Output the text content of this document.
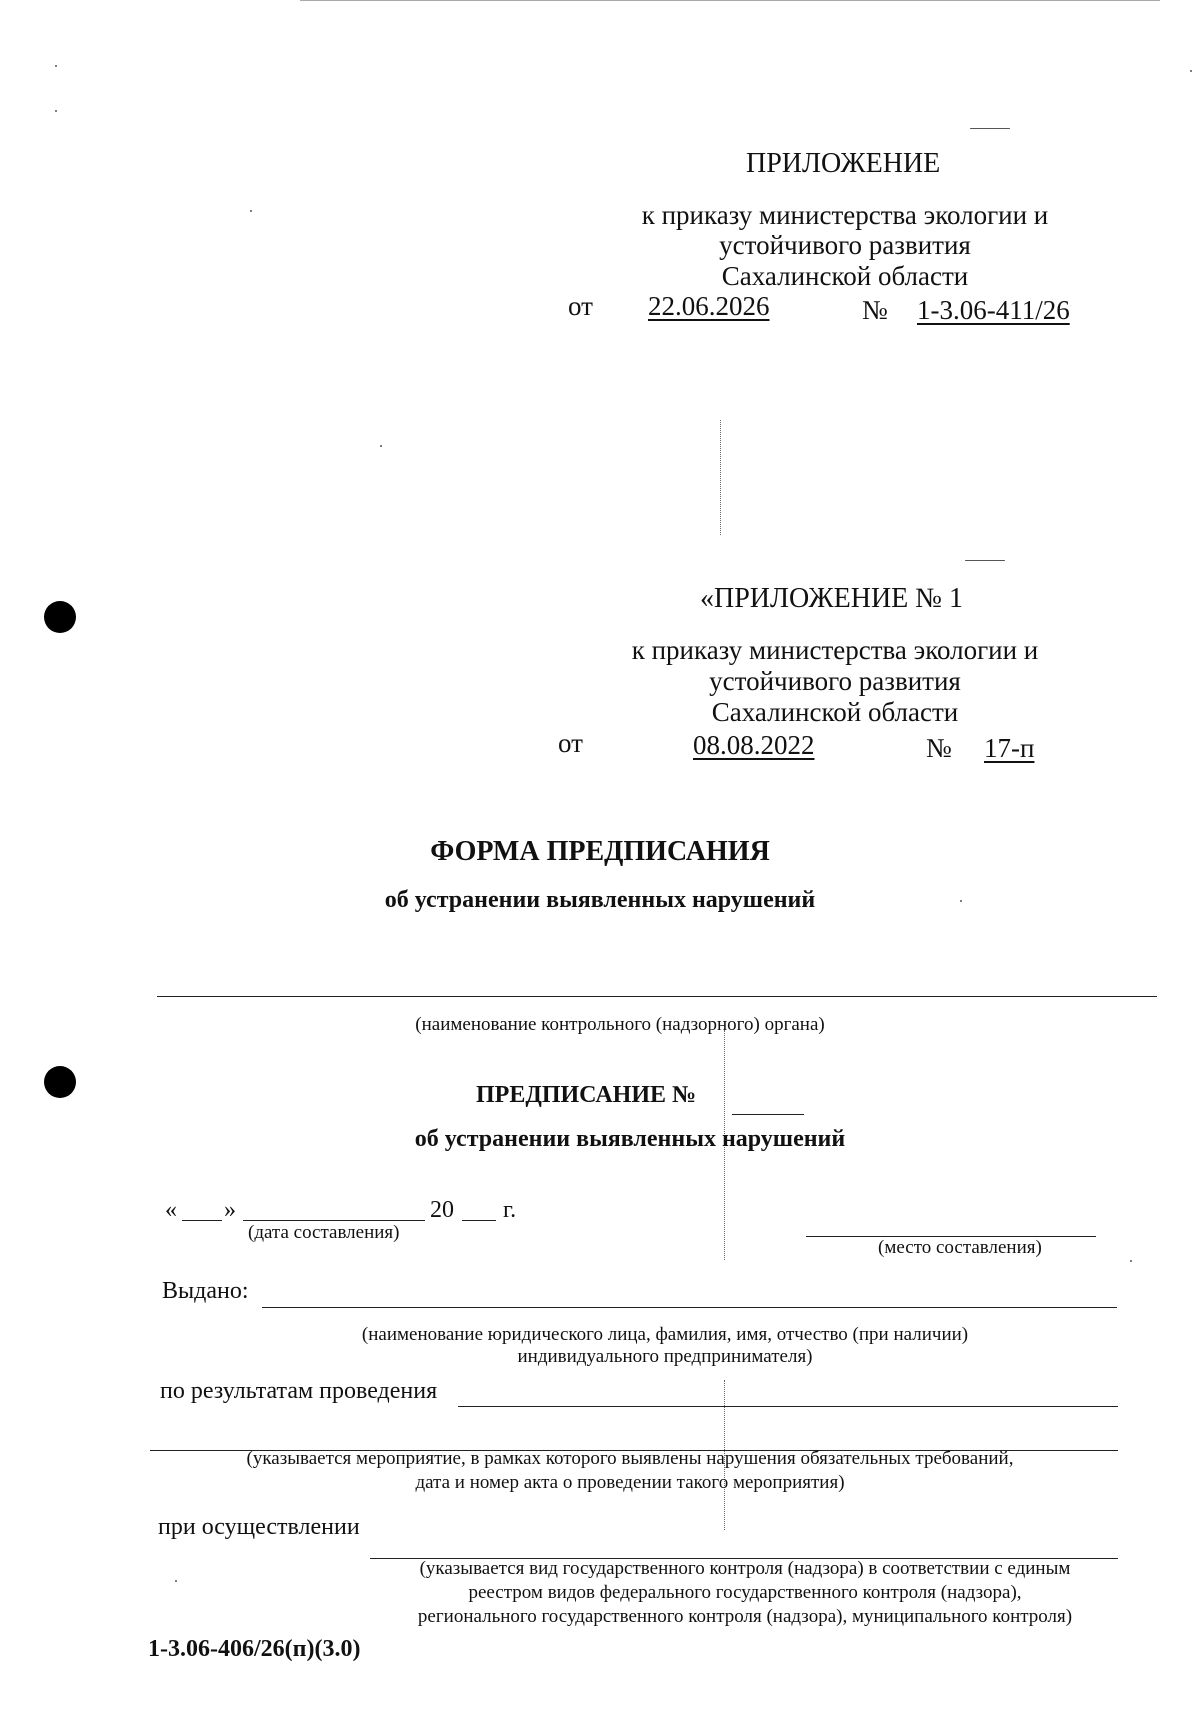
ПРИЛОЖЕНИЕ
к приказу министерства экологии и
устойчивого развития
Сахалинской области
от 22.06.2026	№ 1-3.06-411/26
«ПРИЛОЖЕНИЕ № 1
к приказу министерства экологии и
устойчивого развития
Сахалинской области
от	08.08.2022	№ 17-п
ФОРМА ПРЕДПИСАНИЯ
об устранении выявленных нарушений
(наименование контрольного (надзорного) органа)
ПРЕДПИСАНИЕ №
об устранении выявленных нарушений
« »	20 г.
(дата составления)
(место составления)
Выдано:
(наименование юридического лица, фамилия, имя, отчество (при наличии)
индивидуального предпринимателя)
по результатам проведения
(указывается мероприятие, в рамках которого выявлены нарушения обязательных требований,
дата и номер акта о проведении такого мероприятия)
при осуществлении
(указывается вид государственного контроля (надзора) в соответствии с единым
реестром видов федерального государственного контроля (надзора),
регионального государственного контроля (надзора), муниципального контроля)
1-3.06-406/26(п)(3.0)
